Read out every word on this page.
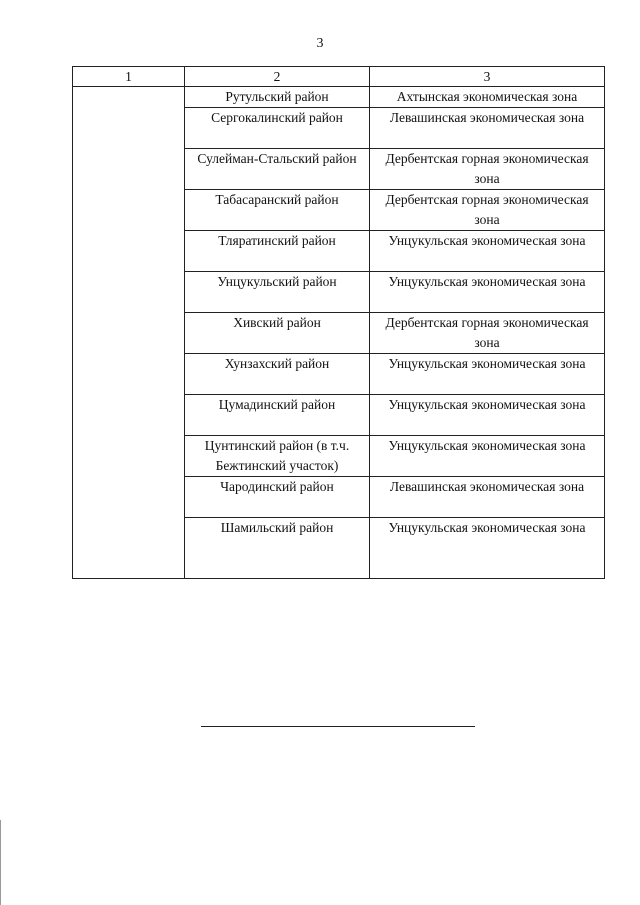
3
1	2	3
	Рутульский район	Ахтынская экономическая зона
	Сергокалинский район	Левашинская экономическая зона
	Сулейман-Стальский район	Дербентская горная экономическая зона
	Табасаранский район	Дербентская горная экономическая зона
	Тляратинский район	Унцукульская экономическая зона
	Унцукульский район	Унцукульская экономическая зона
	Хивский район	Дербентская горная экономическая зона
	Хунзахский район	Унцукульская экономическая зона
	Цумадинский район	Унцукульская экономическая зона
	Цунтинский район (в т.ч. Бежтинский участок)	Унцукульская экономическая зона
	Чародинский район	Левашинская экономическая зона
	Шамильский район	Унцукульская экономическая зона
